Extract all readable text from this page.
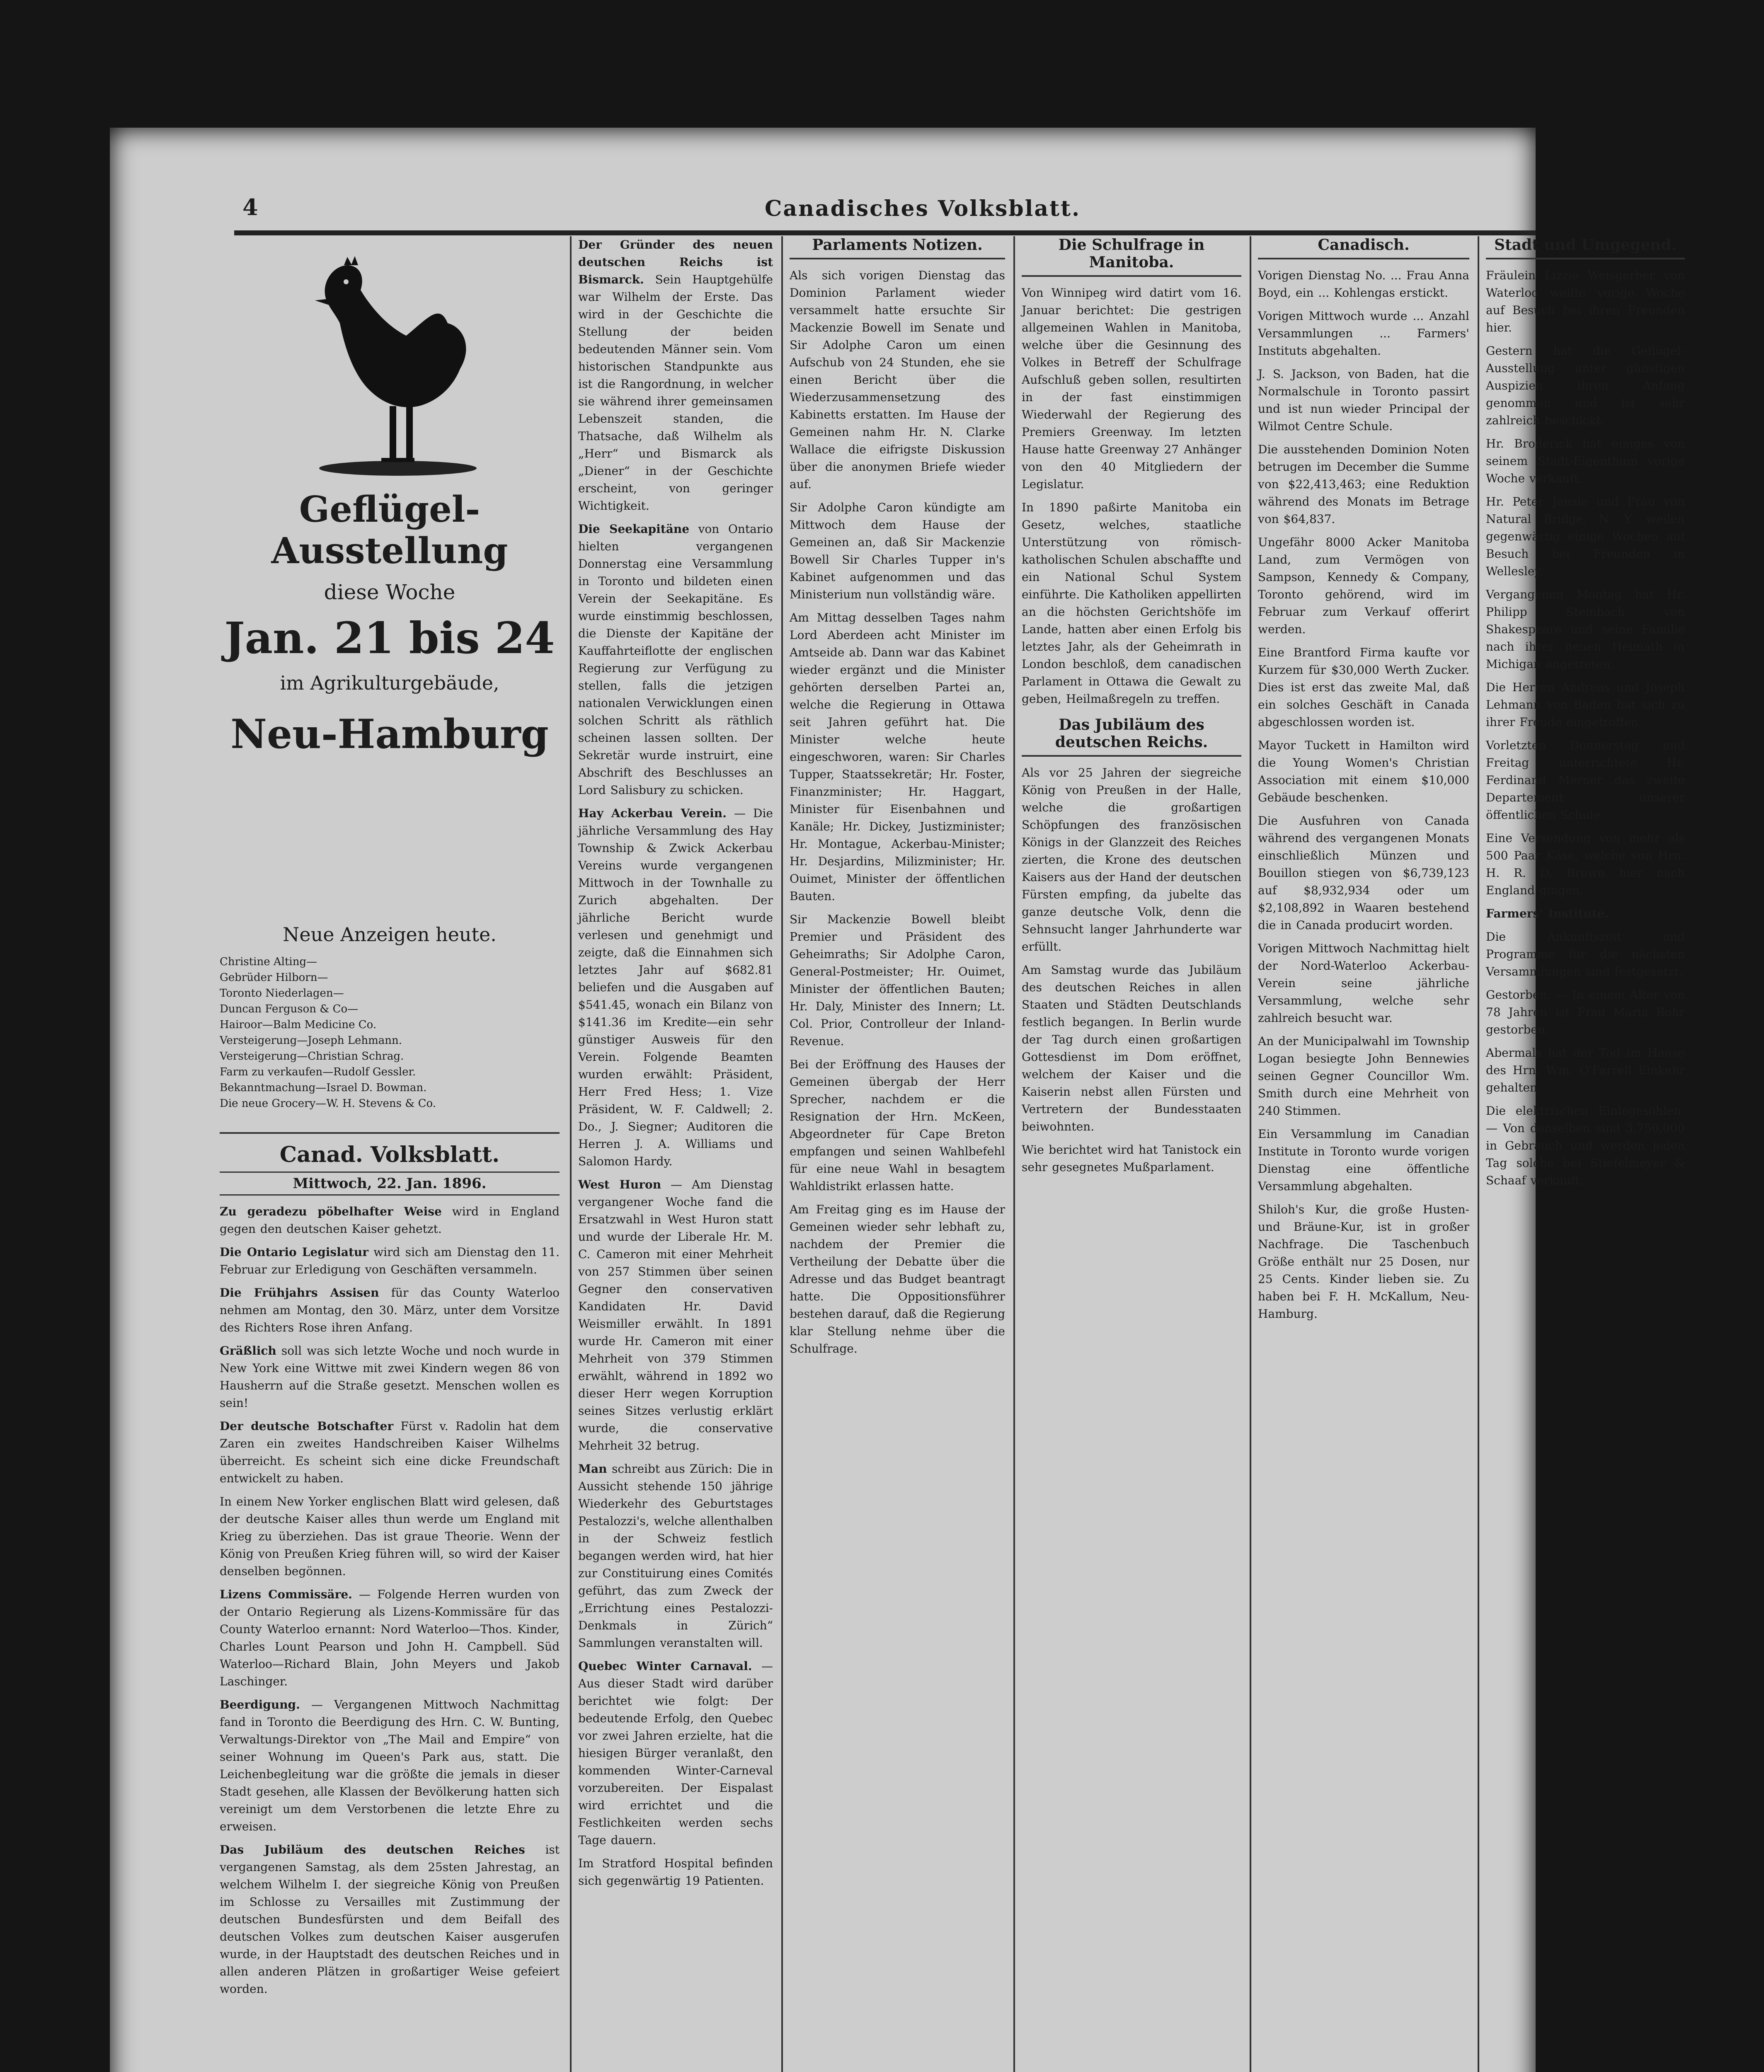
4	Canadisches Volksblatt.
Geflügel-Ausstellung
diese Woche
Jan. 21 bis 24
im Agrikulturgebäude,
Neu-Hamburg
Neue Anzeigen heute.
Christine Alting—
Gebrüder Hilborn—
Toronto Niederlagen—
Duncan Ferguson & Co—
Hairoor—Balm Medicine Co.
Versteigerung—Joseph Lehmann.
Versteigerung—Christian Schrag.
Farm zu verkaufen—Rudolf Gessler.
Bekanntmachung—Israel D. Bowman.
Die neue Grocery—W. H. Stevens & Co.
Canad. Volksblatt.
Mittwoch, 22. Jan. 1896.

Zu geradezu pöbelhafter Weise wird in England gegen den deutschen Kaiser gehetzt.

Die Ontario Legislatur wird sich am Dienstag den 11. Februar zur Erledigung von Geschäften versammeln.

Die Frühjahrs Assisen für das County Waterloo nehmen am Montag, den 30. März, unter dem Vorsitze des Richters Rose ihren Anfang.

Gräßlich soll was sich letzte Woche und noch wurde in New York eine Wittwe mit zwei Kindern wegen 86 von Hausherrn auf die Straße gesetzt. Menschen wollen es sein!

Der deutsche Botschafter Fürst v. Radolin hat dem Zaren ein zweites Handschreiben Kaiser Wilhelms überreicht. Es scheint sich eine dicke Freundschaft entwickelt zu haben.

In einem New Yorker englischen Blatt wird gelesen, daß der deutsche Kaiser alles thun werde um England mit Krieg zu überziehen. Das ist graue Theorie. Wenn der König von Preußen Krieg führen will, so wird der Kaiser denselben begönnen.

Lizens Commissäre. — Folgende Herren wurden von der Ontario Regierung als Lizens-Kommissäre für das County Waterloo ernannt: Nord Waterloo—Thos. Kinder, Charles Lount Pearson und John H. Campbell. Süd Waterloo—Richard Blain, John Meyers und Jakob Laschinger.

Beerdigung. — Vergangenen Mittwoch Nachmittag fand in Toronto die Beerdigung des Hrn. C. W. Bunting, Verwaltungs-Direktor von „The Mail and Empire“ von seiner Wohnung im Queen's Park aus, statt. Die Leichenbegleitung war die größte die jemals in dieser Stadt gesehen, alle Klassen der Bevölkerung hatten sich vereinigt um dem Verstorbenen die letzte Ehre zu erweisen.

Das Jubiläum des deutschen Reiches ist vergangenen Samstag, als dem 25sten Jahrestag, an welchem Wilhelm I. der siegreiche König von Preußen im Schlosse zu Versailles mit Zustimmung der deutschen Bundesfürsten und dem Beifall des deutschen Volkes zum deutschen Kaiser ausgerufen wurde, in der Hauptstadt des deutschen Reiches und in allen anderen Plätzen in großartiger Weise gefeiert worden.

Der Gründer des neuen deutschen Reichs ist Bismarck. Sein Hauptgehülfe war Wilhelm der Erste. Das wird in der Geschichte die Stellung der beiden bedeutenden Männer sein. Vom historischen Standpunkte aus ist die Rangordnung, in welcher sie während ihrer gemeinsamen Lebenszeit standen, die Thatsache, daß Wilhelm als „Herr“ und Bismarck als „Diener“ in der Geschichte erscheint, von geringer Wichtigkeit.

Die Seekapitäne von Ontario hielten vergangenen Donnerstag eine Versammlung in Toronto und bildeten einen Verein der Seekapitäne. Es wurde einstimmig beschlossen, die Dienste der Kapitäne der Kauffahrteiflotte der englischen Regierung zur Verfügung zu stellen, falls die jetzigen nationalen Verwicklungen einen solchen Schritt als räthlich scheinen lassen sollten. Der Sekretär wurde instruirt, eine Abschrift des Beschlusses an Lord Salisbury zu schicken.

Hay Ackerbau Verein. — Die jährliche Versammlung des Hay Township & Zwick Ackerbau Vereins wurde vergangenen Mittwoch in der Townhalle zu Zurich abgehalten. Der jährliche Bericht wurde verlesen und genehmigt und zeigte, daß die Einnahmen sich letztes Jahr auf $682.81 beliefen und die Ausgaben auf $541.45, wonach ein Bilanz von $141.36 im Kredite—ein sehr günstiger Ausweis für den Verein. Folgende Beamten wurden erwählt: Präsident, Herr Fred Hess; 1. Vize Präsident, W. F. Caldwell; 2. Do., J. Siegner; Auditoren die Herren J. A. Williams und Salomon Hardy.

West Huron — Am Dienstag vergangener Woche fand die Ersatzwahl in West Huron statt und wurde der Liberale Hr. M. C. Cameron mit einer Mehrheit von 257 Stimmen über seinen Gegner den conservativen Kandidaten Hr. David Weismiller erwählt. In 1891 wurde Hr. Cameron mit einer Mehrheit von 379 Stimmen erwählt, während in 1892 wo dieser Herr wegen Korruption seines Sitzes verlustig erklärt wurde, die conservative Mehrheit 32 betrug.

Man schreibt aus Zürich: Die in Aussicht stehende 150 jährige Wiederkehr des Geburtstages Pestalozzi's, welche allenthalben in der Schweiz festlich begangen werden wird, hat hier zur Constituirung eines Comités geführt, das zum Zweck der „Errichtung eines Pestalozzi-Denkmals in Zürich“ Sammlungen veranstalten will.

Quebec Winter Carnaval. — Aus dieser Stadt wird darüber berichtet wie folgt: Der bedeutende Erfolg, den Quebec vor zwei Jahren erzielte, hat die hiesigen Bürger veranlaßt, den kommenden Winter-Carneval vorzubereiten. Der Eispalast wird errichtet und die Festlichkeiten werden sechs Tage dauern.

Im Stratford Hospital befinden sich gegenwärtig 19 Patienten.

Parlaments Notizen.

Als sich vorigen Dienstag das Dominion Parlament wieder versammelt hatte ersuchte Sir Mackenzie Bowell im Senate und Sir Adolphe Caron um einen Aufschub von 24 Stunden, ehe sie einen Bericht über die Wiederzusammensetzung des Kabinetts erstatten. Im Hause der Gemeinen nahm Hr. N. Clarke Wallace die eifrigste Diskussion über die anonymen Briefe wieder auf.

Sir Adolphe Caron kündigte am Mittwoch dem Hause der Gemeinen an, daß Sir Mackenzie Bowell Sir Charles Tupper in's Kabinet aufgenommen und das Ministerium nun vollständig wäre.

Am Mittag desselben Tages nahm Lord Aberdeen acht Minister im Amtseide ab. Dann war das Kabinet wieder ergänzt und die Minister gehörten derselben Partei an, welche die Regierung in Ottawa seit Jahren geführt hat. Die Minister welche heute eingeschworen, waren: Sir Charles Tupper, Staatssekretär; Hr. Foster, Finanzminister; Hr. Haggart, Minister für Eisenbahnen und Kanäle; Hr. Dickey, Justizminister; Hr. Montague, Ackerbau-Minister; Hr. Desjardins, Milizminister; Hr. Ouimet, Minister der öffentlichen Bauten.

Sir Mackenzie Bowell bleibt Premier und Präsident des Geheimraths; Sir Adolphe Caron, General-Postmeister; Hr. Ouimet, Minister der öffentlichen Bauten; Hr. Daly, Minister des Innern; Lt. Col. Prior, Controlleur der Inland-Revenue.

Bei der Eröffnung des Hauses der Gemeinen übergab der Herr Sprecher, nachdem er die Resignation der Hrn. McKeen, Abgeordneter für Cape Breton empfangen und seinen Wahlbefehl für eine neue Wahl in besagtem Wahldistrikt erlassen hatte.

Am Freitag ging es im Hause der Gemeinen wieder sehr lebhaft zu, nachdem der Premier die Vertheilung der Debatte über die Adresse und das Budget beantragt hatte. Die Oppositionsführer bestehen darauf, daß die Regierung klar Stellung nehme über die Schulfrage.

Die Schulfrage in Manitoba.

Von Winnipeg wird datirt vom 16. Januar berichtet: Die gestrigen allgemeinen Wahlen in Manitoba, welche über die Gesinnung des Volkes in Betreff der Schulfrage Aufschluß geben sollen, resultirten in der fast einstimmigen Wiederwahl der Regierung des Premiers Greenway. Im letzten Hause hatte Greenway 27 Anhänger von den 40 Mitgliedern der Legislatur.

In 1890 paßirte Manitoba ein Gesetz, welches, staatliche Unterstützung von römisch-katholischen Schulen abschaffte und ein National Schul System einführte. Die Katholiken appellirten an die höchsten Gerichtshöfe im Lande, hatten aber einen Erfolg bis letztes Jahr, als der Geheimrath in London beschloß, dem canadischen Parlament in Ottawa die Gewalt zu geben, Heilmaßregeln zu treffen.

Das Jubiläum des deutschen Reichs.

Als vor 25 Jahren der siegreiche König von Preußen in der Halle, welche die großartigen Schöpfungen des französischen Königs in der Glanzzeit des Reiches zierten, die Krone des deutschen Kaisers aus der Hand der deutschen Fürsten empfing, da jubelte das ganze deutsche Volk, denn die Sehnsucht langer Jahrhunderte war erfüllt.

Am Samstag wurde das Jubiläum des deutschen Reiches in allen Staaten und Städten Deutschlands festlich begangen. In Berlin wurde der Tag durch einen großartigen Gottesdienst im Dom eröffnet, welchem der Kaiser und die Kaiserin nebst allen Fürsten und Vertretern der Bundesstaaten beiwohnten.

Wie berichtet wird hat Tanistock ein sehr gesegnetes Mußparlament.

Canadisch.

Vorigen Dienstag No. ... Frau Anna Boyd, ein ... Kohlengas erstickt.

Vorigen Mittwoch wurde ... Anzahl Versammlungen ... Farmers' Instituts abgehalten.

J. S. Jackson, von Baden, hat die Normalschule in Toronto passirt und ist nun wieder Principal der Wilmot Centre Schule.

Die ausstehenden Dominion Noten betrugen im December die Summe von $22,413,463; eine Reduktion während des Monats im Betrage von $64,837.

Ungefähr 8000 Acker Manitoba Land, zum Vermögen von Sampson, Kennedy & Company, Toronto gehörend, wird im Februar zum Verkauf offerirt werden.

Eine Brantford Firma kaufte vor Kurzem für $30,000 Werth Zucker. Dies ist erst das zweite Mal, daß ein solches Geschäft in Canada abgeschlossen worden ist.

Mayor Tuckett in Hamilton wird die Young Women's Christian Association mit einem $10,000 Gebäude beschenken.

Die Ausfuhren von Canada während des vergangenen Monats einschließlich Münzen und Bouillon stiegen von $6,739,123 auf $8,932,934 oder um $2,108,892 in Waaren bestehend die in Canada producirt worden.

Vorigen Mittwoch Nachmittag hielt der Nord-Waterloo Ackerbau-Verein seine jährliche Versammlung, welche sehr zahlreich besucht war.

An der Municipalwahl im Township Logan besiegte John Bennewies seinen Gegner Councillor Wm. Smith durch eine Mehrheit von 240 Stimmen.

Ein Versammlung im Canadian Institute in Toronto wurde vorigen Dienstag eine öffentliche Versammlung abgehalten.

Shiloh's Kur, die große Husten- und Bräune-Kur, ist in großer Nachfrage. Die Taschenbuch Größe enthält nur 25 Dosen, nur 25 Cents. Kinder lieben sie. Zu haben bei F. H. McKallum, Neu-Hamburg.

Stadt und Umgegend.

Fräulein Lizzie Weisgerber von Waterloo weilte vorige Woche auf Besuch bei ihren Freunden hier.

Gestern hat die Geflügel-Ausstellung unter günstigen Auspizien ihren Anfang genommen und ist sehr zahlreich beschickt.

Hr. Broderick hat einiges von seinem Stadt-Eigenthum vorige Woche verkauft.

Hr. Peter Jansie und Frau von Natural Bridge, N. Y. weilen gegenwärtig einige Wochen auf Besuch bei Freunden in Wellesley.

Vergangenen Montag hat Hr. Philipp Steinbach von Shakespeare und seine Familie nach ihrer neuen Heimath in Michigan angetreten.

Die Herren Andreas und Joseph Lehmann von Baden hat sich zu ihrer Freude eingetroffen.

Vorletzten Donnerstag und Freitag unterrichtete Hr. Ferdinand Merner das zweite Departement unserer öffentlichen Schule.

Eine Versendung von mehr als 500 Paar Käse, welche von Hrn. H. R. D. Brown hier nach England gingen.

Farmers' Institute.

Die Ankunftszeit und Programme für die nächsten Versammlungen sind festgesetzt.

Gestorben. — In einem Alter von 78 Jahren ist Frau Maria Rohr gestorben.

Abermals hat der Tod im Hause des Hrn. Wm. O'Farrell Einkehr gehalten.

Die elektrischen Einlegesohlen. — Von denselben sind 3,750,000 in Gebrauch und werden jeden Tag solche bei Stiefelmeyer & Schaaf verkauft.
